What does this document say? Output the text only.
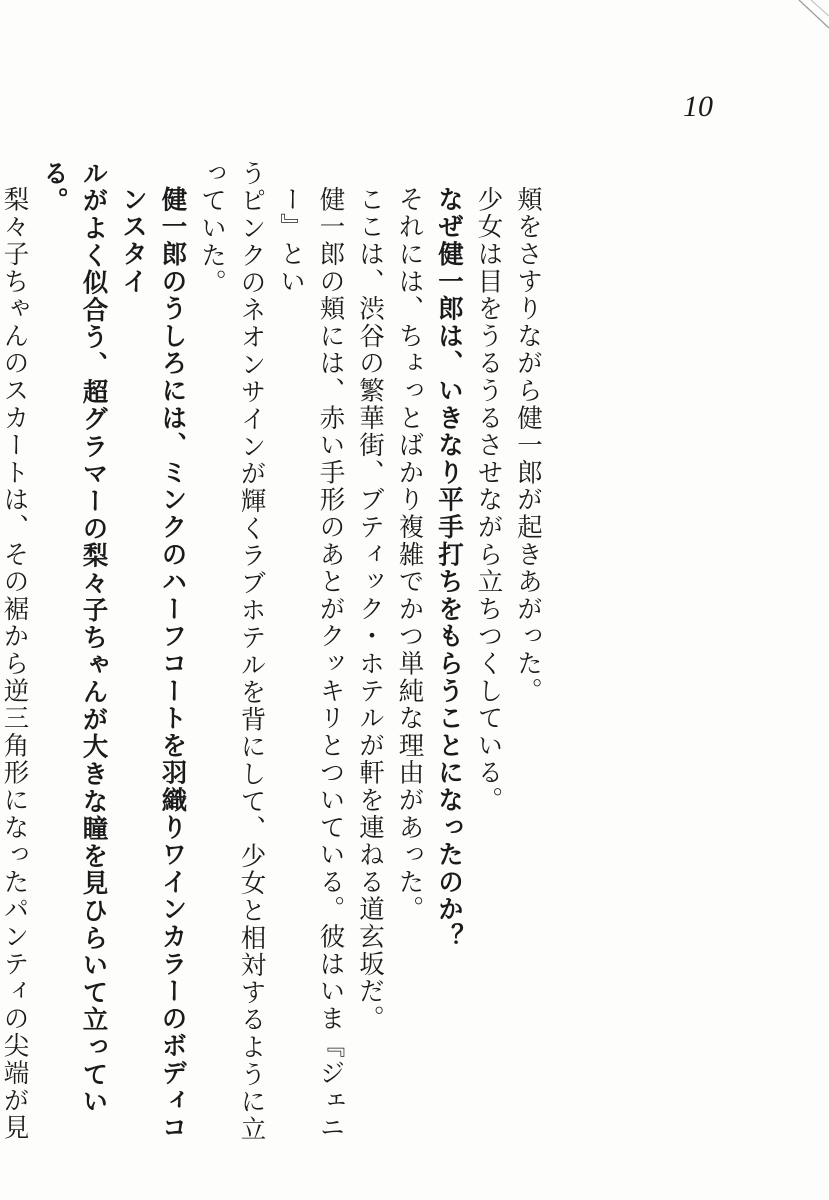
10
頬をさすりながら健一郎が起きあがった。
少女は目をうるうるさせながら立ちつくしている。
なぜ健一郎は、いきなり平手打ちをもらうことになったのか？
それには、ちょっとばかり複雑でかつ単純な理由があった。
ここは、渋谷の繁華街、ブティック・ホテルが軒を連ねる道玄坂だ。
健一郎の頬には、赤い手形のあとがクッキリとついている。彼はいま『ジェニー』とい
うピンクのネオンサインが輝くラブホテルを背にして、少女と相対するように立っていた。
健一郎のうしろには、ミンクのハーフコートを羽織りワインカラーのボディコンスタイ
ルがよく似合う、超グラマーの梨々子ちゃんが大きな瞳を見ひらいて立っている。
梨々子ちゃんのスカートは、その裾から逆三角形になったパンティの尖端が見
